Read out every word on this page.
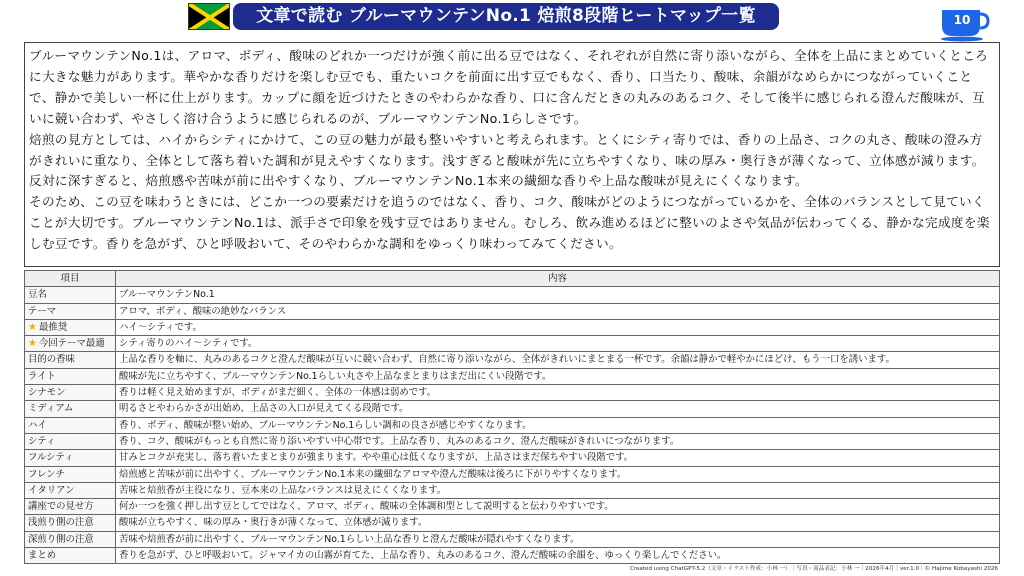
文章で読む ブルーマウンテンNo.1 焙煎8段階ヒートマップ一覧	10

ブルーマウンテンNo.1は、アロマ、ボディ、酸味のどれか一つだけが強く前に出る豆ではなく、それぞれが自然に寄り添いながら、全体を上品にまとめていくところに大きな魅力があります。華やかな香りだけを楽しむ豆でも、重たいコクを前面に出す豆でもなく、香り、口当たり、酸味、余韻がなめらかにつながっていくことで、静かで美しい一杯に仕上がります。カップに顔を近づけたときのやわらかな香り、口に含んだときの丸みのあるコク、そして後半に感じられる澄んだ酸味が、互いに競い合わず、やさしく溶け合うように感じられるのが、ブルーマウンテンNo.1らしさです。

焙煎の見方としては、ハイからシティにかけて、この豆の魅力が最も整いやすいと考えられます。とくにシティ寄りでは、香りの上品さ、コクの丸さ、酸味の澄み方がきれいに重なり、全体として落ち着いた調和が見えやすくなります。浅すぎると酸味が先に立ちやすくなり、味の厚み・奥行きが薄くなって、立体感が減ります。反対に深すぎると、焙煎感や苦味が前に出やすくなり、ブルーマウンテンNo.1本来の繊細な香りや上品な酸味が見えにくくなります。

そのため、この豆を味わうときには、どこか一つの要素だけを追うのではなく、香り、コク、酸味がどのようにつながっているかを、全体のバランスとして見ていくことが大切です。ブルーマウンテンNo.1は、派手さで印象を残す豆ではありません。むしろ、飲み進めるほどに整いのよさや気品が伝わってくる、静かな完成度を楽しむ豆です。香りを急がず、ひと呼吸おいて、そのやわらかな調和をゆっくり味わってみてください。

項目	内容
豆名	ブルーマウンテンNo.1
テーマ	アロマ、ボディ、酸味の絶妙なバランス
★ 最推奨	ハイ〜シティです。
★ 今回テーマ最適	シティ寄りのハイ〜シティです。
目的の香味	上品な香りを軸に、丸みのあるコクと澄んだ酸味が互いに競い合わず、自然に寄り添いながら、全体がきれいにまとまる一杯です。余韻は静かで軽やかにほどけ、もう一口を誘います。
ライト	酸味が先に立ちやすく、ブルーマウンテンNo.1らしい丸さや上品なまとまりはまだ出にくい段階です。
シナモン	香りは軽く見え始めますが、ボディがまだ細く、全体の一体感は弱めです。
ミディアム	明るさとやわらかさが出始め、上品さの入口が見えてくる段階です。
ハイ	香り、ボディ、酸味が整い始め、ブルーマウンテンNo.1らしい調和の良さが感じやすくなります。
シティ	香り、コク、酸味がもっとも自然に寄り添いやすい中心帯です。上品な香り、丸みのあるコク、澄んだ酸味がきれいにつながります。
フルシティ	甘みとコクが充実し、落ち着いたまとまりが強まります。やや重心は低くなりますが、上品さはまだ保ちやすい段階です。
フレンチ	焙煎感と苦味が前に出やすく、ブルーマウンテンNo.1本来の繊細なアロマや澄んだ酸味は後ろに下がりやすくなります。
イタリアン	苦味と焙煎香が主役になり、豆本来の上品なバランスは見えにくくなります。
講座での見せ方	何か一つを強く押し出す豆としてではなく、アロマ、ボディ、酸味の全体調和型として説明すると伝わりやすいです。
浅煎り側の注意	酸味が立ちやすく、味の厚み・奥行きが薄くなって、立体感が減ります。
深煎り側の注意	苦味や焙煎香が前に出やすく、ブルーマウンテンNo.1らしい上品な香りと澄んだ酸味が隠れやすくなります。
まとめ	香りを急がず、ひと呼吸おいて。ジャマイカの山霧が育てた、上品な香り、丸みのあるコク、澄んだ酸味の余韻を、ゆっくり楽しんでください。
Created using ChatGPT-5.2（文章・イラスト作成：小林 一）｜写真・商品表記：小林 一｜2026年4月｜ver.1.0｜© Hajime Kobayashi 2026
